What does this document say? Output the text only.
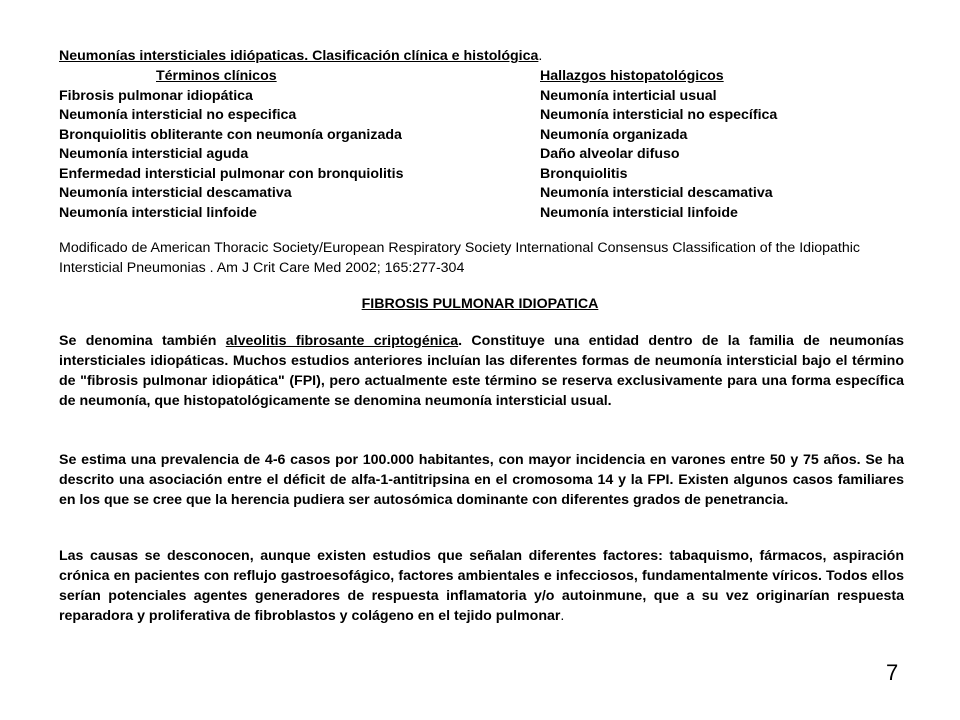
Neumonías intersticiales idiópaticas. Clasificación clínica e histológica.
Términos clínicos	Hallazgos histopatológicos
Fibrosis pulmonar idiopática	Neumonía interticial usual
Neumonía intersticial no especifica	Neumonía intersticial no específica
Bronquiolitis obliterante con neumonía organizada	Neumonía organizada
Neumonía intersticial aguda	Daño alveolar difuso
Enfermedad intersticial pulmonar con bronquiolitis	Bronquiolitis
Neumonía intersticial descamativa	Neumonía intersticial descamativa
Neumonía intersticial linfoide	Neumonía intersticial linfoide
Modificado de American Thoracic Society/European Respiratory Society International Consensus Classification of the Idiopathic Intersticial Pneumonias . Am J Crit Care Med 2002; 165:277-304
FIBROSIS PULMONAR IDIOPATICA
Se denomina también alveolitis fibrosante criptogénica. Constituye una entidad dentro de la familia de neumonías intersticiales idiopáticas. Muchos estudios anteriores incluían las diferentes formas de neumonía intersticial bajo el término de "fibrosis pulmonar idiopática" (FPI), pero actualmente este término se reserva exclusivamente para una forma específica de neumonía, que histopatológicamente se denomina neumonía intersticial usual.
Se estima una prevalencia de 4-6 casos por 100.000 habitantes, con mayor incidencia en varones entre 50 y 75 años. Se ha descrito una asociación entre el déficit de alfa-1-antitripsina en el cromosoma 14 y la FPI. Existen algunos casos familiares en los que se cree que la herencia pudiera ser autosómica dominante con diferentes grados de penetrancia.
Las causas se desconocen, aunque existen estudios que señalan diferentes factores: tabaquismo, fármacos, aspiración crónica en pacientes con reflujo gastroesofágico, factores ambientales e infecciosos, fundamentalmente víricos. Todos ellos serían potenciales agentes generadores de respuesta inflamatoria y/o autoinmune, que a su vez originarían respuesta reparadora y proliferativa de fibroblastos y colágeno en el tejido pulmonar.
7
